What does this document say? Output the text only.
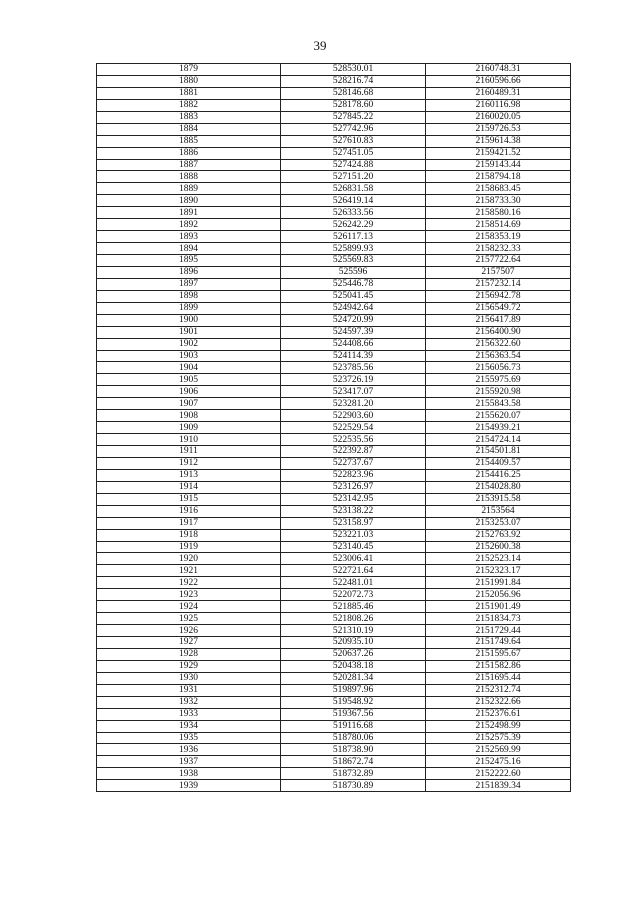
39
1879	528530.01	2160748.31
1880	528216.74	2160596.66
1881	528146.68	2160489.31
1882	528178.60	2160116.98
1883	527845.22	2160020.05
1884	527742.96	2159726.53
1885	527610.83	2159614.38
1886	527451.05	2159421.52
1887	527424.88	2159143.44
1888	527151.20	2158794.18
1889	526831.58	2158683.45
1890	526419.14	2158733.30
1891	526333.56	2158580.16
1892	526242.29	2158514.69
1893	526117.13	2158353.19
1894	525899.93	2158232.33
1895	525569.83	2157722.64
1896	525596	2157507
1897	525446.78	2157232.14
1898	525041.45	2156942.78
1899	524942.64	2156549.72
1900	524720.99	2156417.89
1901	524597.39	2156400.90
1902	524408.66	2156322.60
1903	524114.39	2156363.54
1904	523785.56	2156056.73
1905	523726.19	2155975.69
1906	523417.07	2155920.98
1907	523281.20	2155843.58
1908	522903.60	2155620.07
1909	522529.54	2154939.21
1910	522535.56	2154724.14
1911	522392.87	2154501.81
1912	522737.67	2154409.57
1913	522823.96	2154416.25
1914	523126.97	2154028.80
1915	523142.95	2153915.58
1916	523138.22	2153564
1917	523158.97	2153253.07
1918	523221.03	2152763.92
1919	523140.45	2152600.38
1920	523006.41	2152523.14
1921	522721.64	2152323.17
1922	522481.01	2151991.84
1923	522072.73	2152056.96
1924	521885.46	2151901.49
1925	521808.26	2151834.73
1926	521310.19	2151729.44
1927	520935.10	2151749.64
1928	520637.26	2151595.67
1929	520438.18	2151582.86
1930	520281.34	2151695.44
1931	519897.96	2152312.74
1932	519548.92	2152322.66
1933	519367.56	2152376.61
1934	519116.68	2152498.99
1935	518780.06	2152575.39
1936	518738.90	2152569.99
1937	518672.74	2152475.16
1938	518732.89	2152222.60
1939	518730.89	2151839.34
